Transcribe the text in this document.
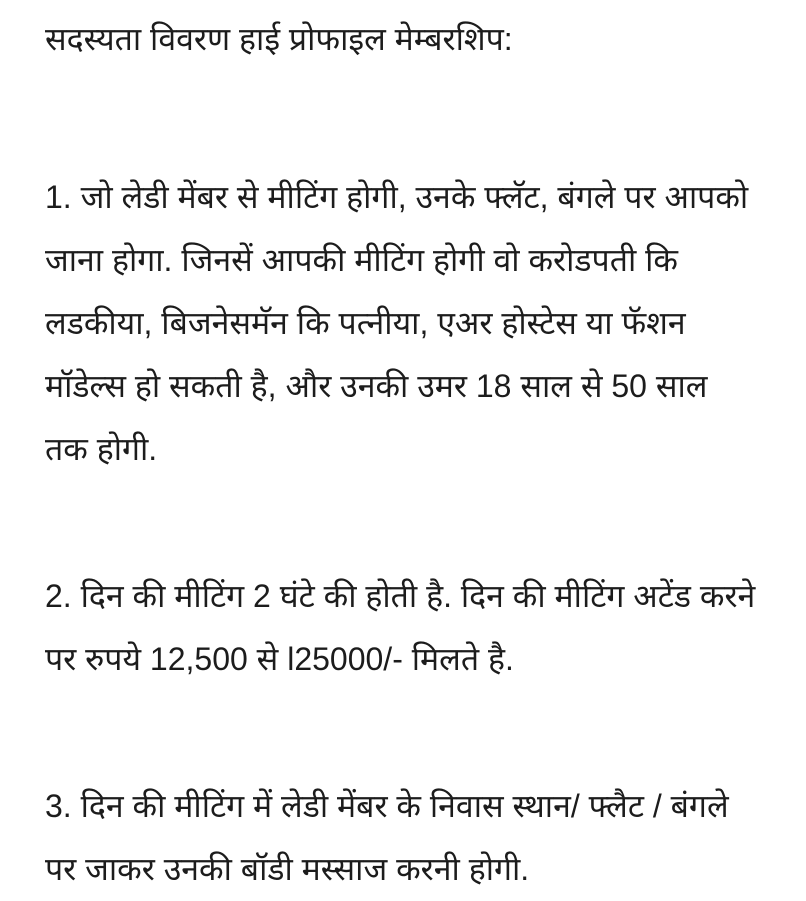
सदस्यता विवरण हाई प्रोफाइल मेम्बरशिप:
1. जो लेडी मेंबर से मीटिंग होगी, उनके फ्लॅट, बंगले पर आपको
जाना होगा. जिनसें आपकी मीटिंग होगी वो करोडपती कि
लडकीया, बिजनेसमॅन कि पत्नीया, एअर होस्टेस या फॅशन
मॉडेल्स हो सकती है, और उनकी उमर 18 साल से 50 साल
तक होगी.
2. दिन की मीटिंग 2 घंटे की होती है. दिन की मीटिंग अटेंड करने
पर रुपये 12,500 से l25000/- मिलते है.
3. दिन की मीटिंग में लेडी मेंबर के निवास स्थान/ फ्लैट / बंगले
पर जाकर उनकी बॉडी मस्साज करनी होगी.
